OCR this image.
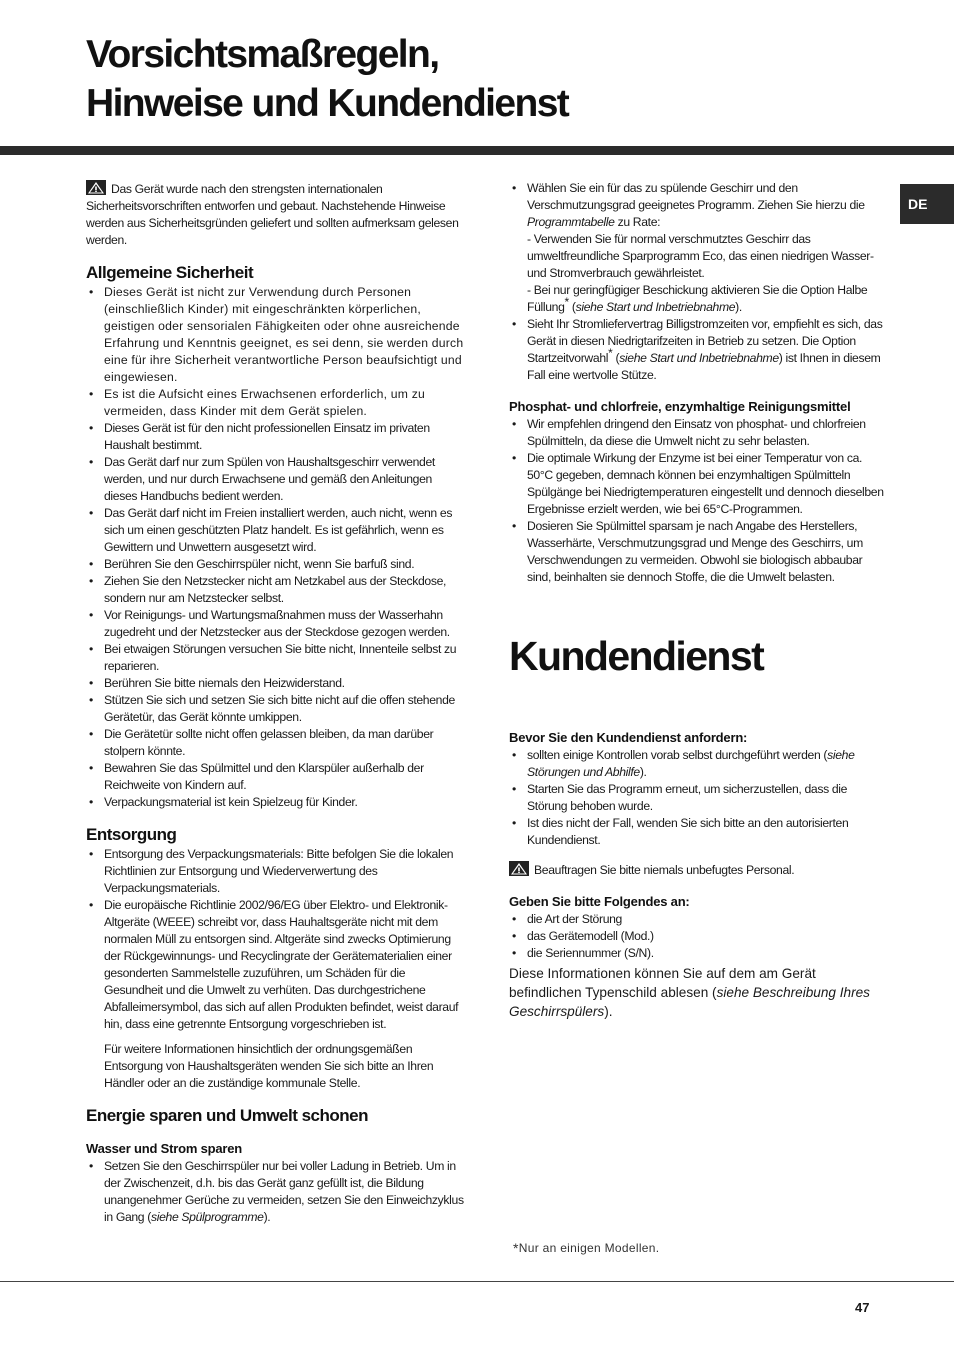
Vorsichtsmaßregeln,
Hinweise und Kundendienst
DE

Das Gerät wurde nach den strengsten internationalen Sicherheitsvorschriften entworfen und gebaut. Nachstehende Hinweise werden aus Sicherheitsgründen geliefert und sollten aufmerksam gelesen werden.

Allgemeine Sicherheit
• Dieses Gerät ist nicht zur Verwendung durch Personen (einschließlich Kinder) mit eingeschränkten körperlichen, geistigen oder sensorialen Fähigkeiten oder ohne ausreichende Erfahrung und Kenntnis geeignet, es sei denn, sie werden durch eine für ihre Sicherheit verantwortliche Person beaufsichtigt und eingewiesen.
• Es ist die Aufsicht eines Erwachsenen erforderlich, um zu vermeiden, dass Kinder mit dem Gerät spielen.
• Dieses Gerät ist für den nicht professionellen Einsatz im privaten Haushalt bestimmt.
• Das Gerät darf nur zum Spülen von Haushaltsgeschirr verwendet werden, und nur durch Erwachsene und gemäß den Anleitungen dieses Handbuchs bedient werden.
• Das Gerät darf nicht im Freien installiert werden, auch nicht, wenn es sich um einen geschützten Platz handelt. Es ist gefährlich, wenn es Gewittern und Unwettern ausgesetzt wird.
• Berühren Sie den Geschirrspüler nicht, wenn Sie barfuß sind.
• Ziehen Sie den Netzstecker nicht am Netzkabel aus der Steckdose, sondern nur am Netzstecker selbst.
• Vor Reinigungs- und Wartungsmaßnahmen muss der Wasserhahn zugedreht und der Netzstecker aus der Steckdose gezogen werden.
• Bei etwaigen Störungen versuchen Sie bitte nicht, Innenteile selbst zu reparieren.
• Berühren Sie bitte niemals den Heizwiderstand.
• Stützen Sie sich und setzen Sie sich bitte nicht auf die offen stehende Gerätetür, das Gerät könnte umkippen.
• Die Gerätetür sollte nicht offen gelassen bleiben, da man darüber stolpern könnte.
• Bewahren Sie das Spülmittel und den Klarspüler außerhalb der Reichweite von Kindern auf.
• Verpackungsmaterial ist kein Spielzeug für Kinder.
Entsorgung
• Entsorgung des Verpackungsmaterials: Bitte befolgen Sie die lokalen Richtlinien zur Entsorgung und Wiederverwertung des Verpackungsmaterials.
• Die europäische Richtlinie 2002/96/EG über Elektro- und Elektronik-Altgeräte (WEEE) schreibt vor, dass Hauhaltsgeräte nicht mit dem normalen Müll zu entsorgen sind. Altgeräte sind zwecks Optimierung der Rückgewinnungs- und Recyclingrate der Gerätematerialien einer gesonderten Sammelstelle zuzuführen, um Schäden für die Gesundheit und die Umwelt zu verhüten. Das durchgestrichene Abfalleimersymbol, das sich auf allen Produkten befindet, weist darauf hin, dass eine getrennte Entsorgung vorgeschrieben ist.

Für weitere Informationen hinsichtlich der ordnungsgemäßen Entsorgung von Haushaltsgeräten wenden Sie sich bitte an Ihren Händler oder an die zuständige kommunale Stelle.

Energie sparen und Umwelt schonen
Wasser und Strom sparen
• Setzen Sie den Geschirrspüler nur bei voller Ladung in Betrieb. Um in der Zwischenzeit, d.h. bis das Gerät ganz gefüllt ist, die Bildung unangenehmer Gerüche zu vermeiden, setzen Sie den Einweichzyklus in Gang (siehe Spülprogramme).
• Wählen Sie ein für das zu spülende Geschirr und den Verschmutzungsgrad geeignetes Programm. Ziehen Sie hierzu die Programmtabelle zu Rate:
- Verwenden Sie für normal verschmutztes Geschirr das umweltfreundliche Sparprogramm Eco, das einen niedrigen Wasser- und Stromverbrauch gewährleistet.
- Bei nur geringfügiger Beschickung aktivieren Sie die Option Halbe Füllung* (siehe Start und Inbetriebnahme).
• Sieht Ihr Stromliefervertrag Billigstromzeiten vor, empfiehlt es sich, das Gerät in diesen Niedrigtarifzeiten in Betrieb zu setzen. Die Option Startzeitvorwahl* (siehe Start und Inbetriebnahme) ist Ihnen in diesem Fall eine wertvolle Stütze.
Phosphat- und chlorfreie, enzymhaltige Reinigungsmittel
• Wir empfehlen dringend den Einsatz von phosphat- und chlorfreien Spülmitteln, da diese die Umwelt nicht zu sehr belasten.
• Die optimale Wirkung der Enzyme ist bei einer Temperatur von ca. 50°C gegeben, demnach können bei enzymhaltigen Spülmitteln Spülgänge bei Niedrigtemperaturen eingestellt und dennoch dieselben Ergebnisse erzielt werden, wie bei 65°C-Programmen.
• Dosieren Sie Spülmittel sparsam je nach Angabe des Herstellers, Wasserhärte, Verschmutzungsgrad und Menge des Geschirrs, um Verschwendungen zu vermeiden. Obwohl sie biologisch abbaubar sind, beinhalten sie dennoch Stoffe, die die Umwelt belasten.
Kundendienst
Bevor Sie den Kundendienst anfordern:
• sollten einige Kontrollen vorab selbst durchgeführt werden (siehe Störungen und Abhilfe).
• Starten Sie das Programm erneut, um sicherzustellen, dass die Störung behoben wurde.
• Ist dies nicht der Fall, wenden Sie sich bitte an den autorisierten Kundendienst.

Beauftragen Sie bitte niemals unbefugtes Personal.

Geben Sie bitte Folgendes an:
• die Art der Störung
• das Gerätemodell (Mod.)
• die Seriennummer (S/N).

Diese Informationen können Sie auf dem am Gerät befindlichen Typenschild ablesen (siehe Beschreibung Ihres Geschirrspülers).

*Nur an einigen Modellen.
47
